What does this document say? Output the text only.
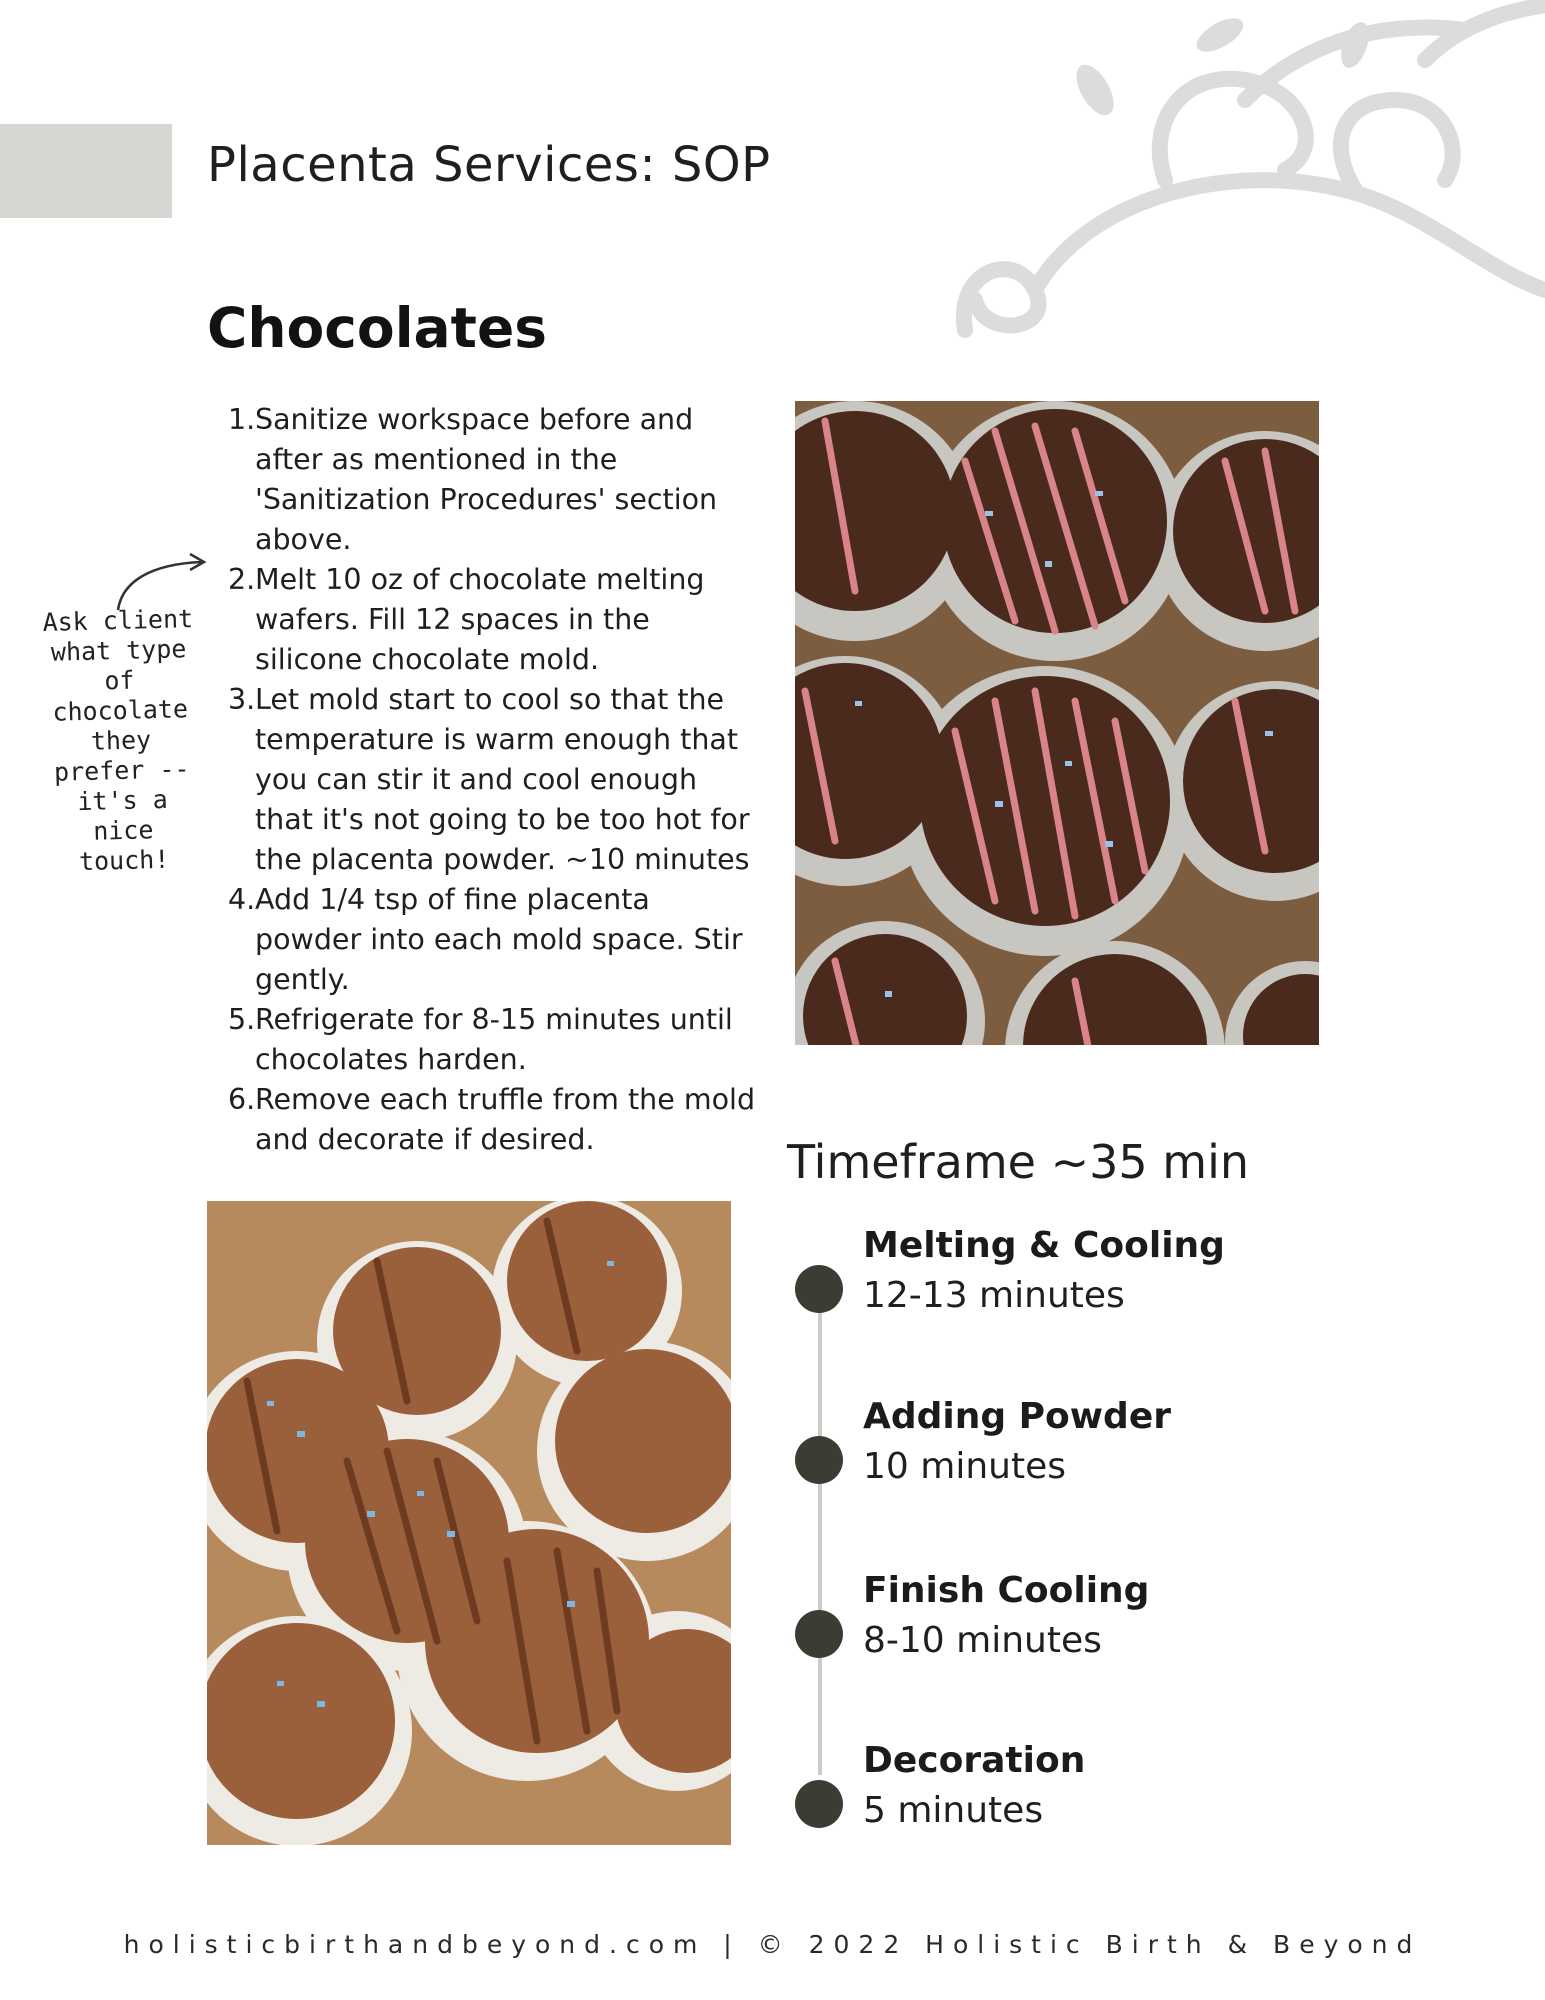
Placenta Services: SOP
Chocolates
1. Sanitize workspace before and after as mentioned in the 'Sanitization Procedures' section above.
2. Melt 10 oz of chocolate melting wafers. Fill 12 spaces in the silicone chocolate mold.
3. Let mold start to cool so that the temperature is warm enough that you can stir it and cool enough that it's not going to be too hot for the placenta powder. ~10 minutes
4. Add 1/4 tsp of fine placenta powder into each mold space. Stir gently.
5. Refrigerate for 8-15 minutes until chocolates harden.
6. Remove each truffle from the mold and decorate if desired.
Ask client what type of chocolate they prefer -- it's a nice touch!
Timeframe ~35 min
Melting & Cooling
12-13 minutes
Adding Powder
10 minutes
Finish Cooling
8-10 minutes
Decoration
5 minutes
holisticbirthandbeyond.com | © 2022 Holistic Birth & Beyond
